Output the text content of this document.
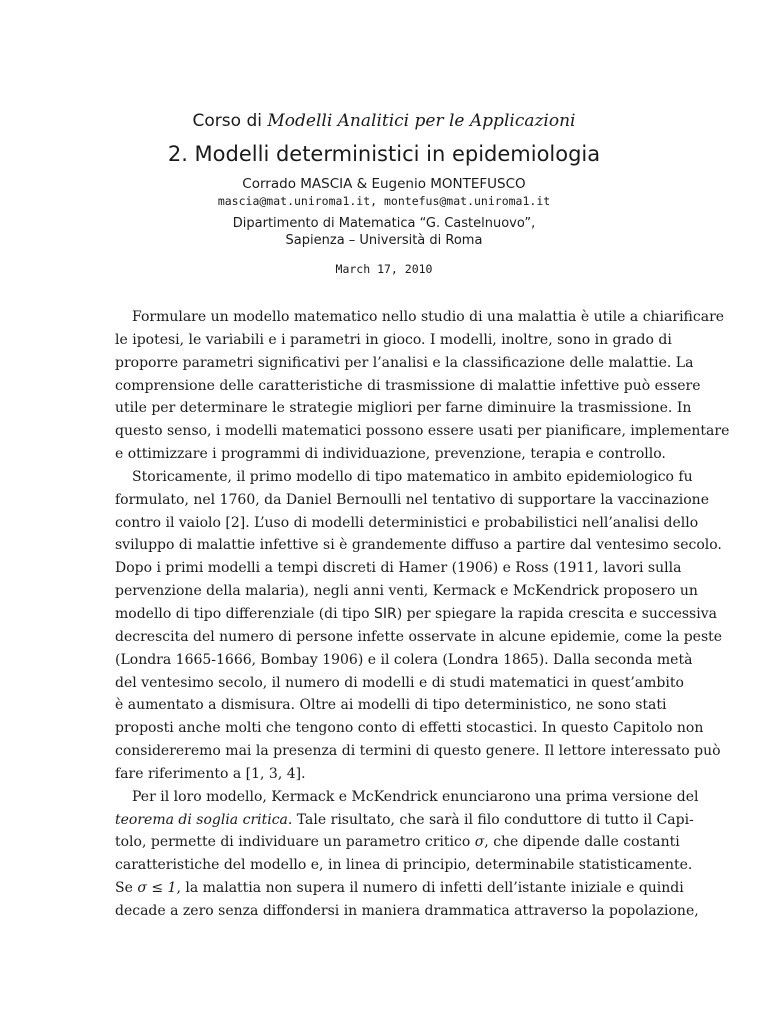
Corso di Modelli Analitici per le Applicazioni
2. Modelli deterministici in epidemiologia
Corrado MASCIA & Eugenio MONTEFUSCO
mascia@mat.uniroma1.it, montefus@mat.uniroma1.it
Dipartimento di Matematica “G. Castelnuovo”,
Sapienza – Università di Roma
March 17, 2010
Formulare un modello matematico nello studio di una malattia è utile a chiarificare
le ipotesi, le variabili e i parametri in gioco. I modelli, inoltre, sono in grado di
proporre parametri significativi per l’analisi e la classificazione delle malattie. La
comprensione delle caratteristiche di trasmissione di malattie infettive può essere
utile per determinare le strategie migliori per farne diminuire la trasmissione. In
questo senso, i modelli matematici possono essere usati per pianificare, implementare
e ottimizzare i programmi di individuazione, prevenzione, terapia e controllo.
Storicamente, il primo modello di tipo matematico in ambito epidemiologico fu
formulato, nel 1760, da Daniel Bernoulli nel tentativo di supportare la vaccinazione
contro il vaiolo [2]. L’uso di modelli deterministici e probabilistici nell’analisi dello
sviluppo di malattie infettive si è grandemente diffuso a partire dal ventesimo secolo.
Dopo i primi modelli a tempi discreti di Hamer (1906) e Ross (1911, lavori sulla
pervenzione della malaria), negli anni venti, Kermack e McKendrick proposero un
modello di tipo differenziale (di tipo SIR) per spiegare la rapida crescita e successiva
decrescita del numero di persone infette osservate in alcune epidemie, come la peste
(Londra 1665-1666, Bombay 1906) e il colera (Londra 1865). Dalla seconda metà
del ventesimo secolo, il numero di modelli e di studi matematici in quest’ambito
è aumentato a dismisura. Oltre ai modelli di tipo deterministico, ne sono stati
proposti anche molti che tengono conto di effetti stocastici. In questo Capitolo non
considereremo mai la presenza di termini di questo genere. Il lettore interessato può
fare riferimento a [1, 3, 4].
Per il loro modello, Kermack e McKendrick enunciarono una prima versione del
teorema di soglia critica. Tale risultato, che sarà il filo conduttore di tutto il Capi-
tolo, permette di individuare un parametro critico σ, che dipende dalle costanti
caratteristiche del modello e, in linea di principio, determinabile statisticamente.
Se σ ≤ 1, la malattia non supera il numero di infetti dell’istante iniziale e quindi
decade a zero senza diffondersi in maniera drammatica attraverso la popolazione,
